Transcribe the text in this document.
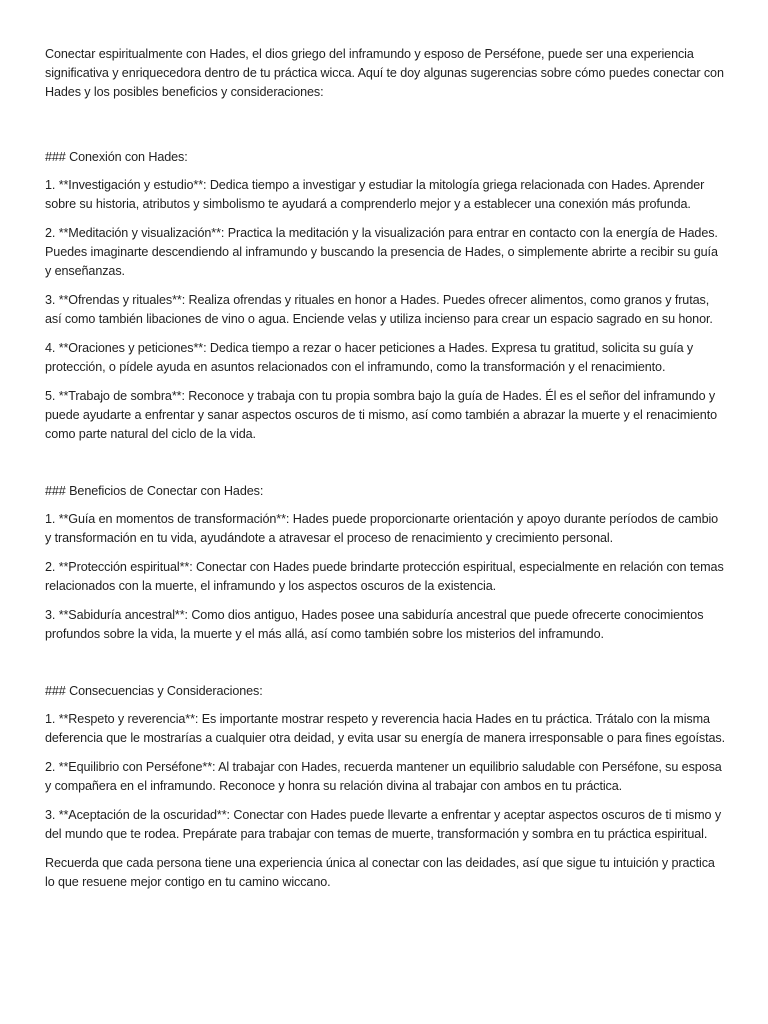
Conectar espiritualmente con Hades, el dios griego del inframundo y esposo de Perséfone, puede ser una experiencia significativa y enriquecedora dentro de tu práctica wicca. Aquí te doy algunas sugerencias sobre cómo puedes conectar con Hades y los posibles beneficios y consideraciones:

### Conexión con Hades:

1. **Investigación y estudio**: Dedica tiempo a investigar y estudiar la mitología griega relacionada con Hades. Aprender sobre su historia, atributos y simbolismo te ayudará a comprenderlo mejor y a establecer una conexión más profunda.

2. **Meditación y visualización**: Practica la meditación y la visualización para entrar en contacto con la energía de Hades. Puedes imaginarte descendiendo al inframundo y buscando la presencia de Hades, o simplemente abrirte a recibir su guía y enseñanzas.

3. **Ofrendas y rituales**: Realiza ofrendas y rituales en honor a Hades. Puedes ofrecer alimentos, como granos y frutas, así como también libaciones de vino o agua. Enciende velas y utiliza incienso para crear un espacio sagrado en su honor.

4. **Oraciones y peticiones**: Dedica tiempo a rezar o hacer peticiones a Hades. Expresa tu gratitud, solicita su guía y protección, o pídele ayuda en asuntos relacionados con el inframundo, como la transformación y el renacimiento.

5. **Trabajo de sombra**: Reconoce y trabaja con tu propia sombra bajo la guía de Hades. Él es el señor del inframundo y puede ayudarte a enfrentar y sanar aspectos oscuros de ti mismo, así como también a abrazar la muerte y el renacimiento como parte natural del ciclo de la vida.

### Beneficios de Conectar con Hades:

1. **Guía en momentos de transformación**: Hades puede proporcionarte orientación y apoyo durante períodos de cambio y transformación en tu vida, ayudándote a atravesar el proceso de renacimiento y crecimiento personal.

2. **Protección espiritual**: Conectar con Hades puede brindarte protección espiritual, especialmente en relación con temas relacionados con la muerte, el inframundo y los aspectos oscuros de la existencia.

3. **Sabiduría ancestral**: Como dios antiguo, Hades posee una sabiduría ancestral que puede ofrecerte conocimientos profundos sobre la vida, la muerte y el más allá, así como también sobre los misterios del inframundo.

### Consecuencias y Consideraciones:

1. **Respeto y reverencia**: Es importante mostrar respeto y reverencia hacia Hades en tu práctica. Trátalo con la misma deferencia que le mostrarías a cualquier otra deidad, y evita usar su energía de manera irresponsable o para fines egoístas.

2. **Equilibrio con Perséfone**: Al trabajar con Hades, recuerda mantener un equilibrio saludable con Perséfone, su esposa y compañera en el inframundo. Reconoce y honra su relación divina al trabajar con ambos en tu práctica.

3. **Aceptación de la oscuridad**: Conectar con Hades puede llevarte a enfrentar y aceptar aspectos oscuros de ti mismo y del mundo que te rodea. Prepárate para trabajar con temas de muerte, transformación y sombra en tu práctica espiritual.

Recuerda que cada persona tiene una experiencia única al conectar con las deidades, así que sigue tu intuición y practica lo que resuene mejor contigo en tu camino wiccano.
